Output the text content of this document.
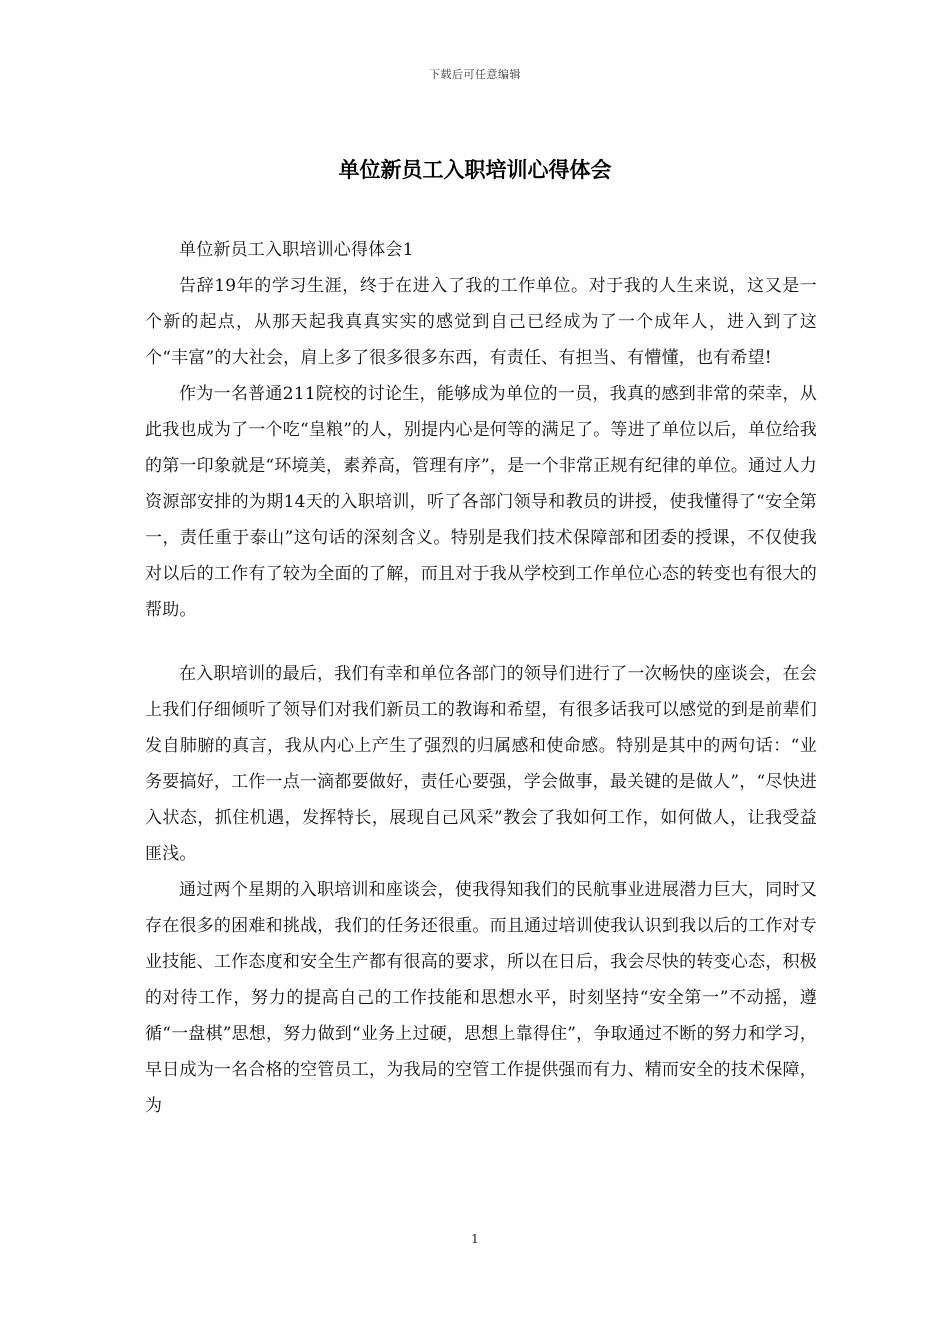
下载后可任意编辑
单位新员工入职培训心得体会

单位新员工入职培训心得体会1

告辞19年的学习生涯，终于在进入了我的工作单位。对于我的人生来说，这又是一个新的起点，从那天起我真真实实的感觉到自己已经成为了一个成年人，进入到了这个“丰富”的大社会，肩上多了很多很多东西，有责任、有担当、有懵懂，也有希望!

作为一名普通211院校的讨论生，能够成为单位的一员，我真的感到非常的荣幸，从此我也成为了一个吃“皇粮”的人，别提内心是何等的满足了。等进了单位以后，单位给我的第一印象就是“环境美，素养高，管理有序”，是一个非常正规有纪律的单位。通过人力资源部安排的为期14天的入职培训，听了各部门领导和教员的讲授，使我懂得了“安全第一，责任重于泰山”这句话的深刻含义。特别是我们技术保障部和团委的授课，不仅使我对以后的工作有了较为全面的了解，而且对于我从学校到工作单位心态的转变也有很大的帮助。

在入职培训的最后，我们有幸和单位各部门的领导们进行了一次畅快的座谈会，在会上我们仔细倾听了领导们对我们新员工的教诲和希望，有很多话我可以感觉的到是前辈们发自肺腑的真言，我从内心上产生了强烈的归属感和使命感。特别是其中的两句话：“业务要搞好，工作一点一滴都要做好，责任心要强，学会做事，最关键的是做人”，“尽快进入状态，抓住机遇，发挥特长，展现自己风采”教会了我如何工作，如何做人，让我受益匪浅。

通过两个星期的入职培训和座谈会，使我得知我们的民航事业进展潜力巨大，同时又存在很多的困难和挑战，我们的任务还很重。而且通过培训使我认识到我以后的工作对专业技能、工作态度和安全生产都有很高的要求，所以在日后，我会尽快的转变心态，积极的对待工作，努力的提高自己的工作技能和思想水平，时刻坚持“安全第一”不动摇，遵循“一盘棋”思想，努力做到“业务上过硬，思想上靠得住”，争取通过不断的努力和学习，早日成为一名合格的空管员工，为我局的空管工作提供强而有力、精而安全的技术保障，为

1
